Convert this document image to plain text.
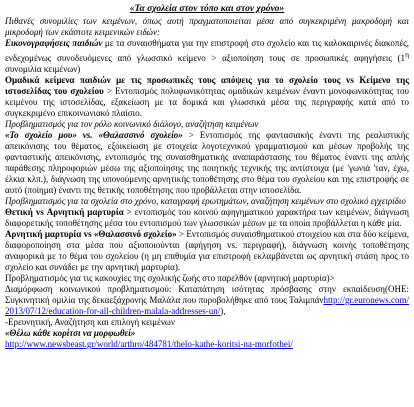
«Τα σχολεία στον τόπο και στον χρόνο»

Πιθανές συνομιλίες των κειμένων, όπως αυτή πραγματοποιείται μέσα από συγκεκριμένη μακροδομή και μικροδομή των εκάστοτε κειμενικών ειδών:

Εικονογραφήσεις παιδιών με τα συναισθήματα για την επιστροφή στο σχολείο και τις καλοκαιρινές διακοπές, ενδεχομένως συνοδευόμενες από γλωσσικό κείμενο > αξιοποίηση τους σε προσωπικές αφηγήσεις ($1^\eta$ συνομιλία κειμένων)

Ομαδικά κείμενα παιδιών με τις προσωπικές τους απόψεις για το σχολείο τους vs Κείμενο της ιστοσελίδας του σχολείου > Εντοπισμός πολυφωνικότητας ομαδικών κειμένων έναντι μονοφωνικότητας του κειμένου της ιστοσελίδας, εξακείωση με τα δομικά και γλωσσικά μέσα της περιγραφής κατά από το συγκεκριμένο επικοινωνιακό πλαίσιο.

Προβληματισμός για τον ρόλο κοινωνικό διάλογο, αναζήτηση κειμένων

«Το σχολείο μου» vs. «Θαλασσινό σχολείο» > Εντοπισμός της φαντασιακής έναντι της ρεαλιστικής απεικόνισης του θέματος, εξοικείωση με στοιχεία λογοτεχνικού γραμματισμού και μέσων προβολής της φανταστικής απεικόνισης, εντοπισμός της συναισθηματικής αναπαράστασης του θέματος έναντι της απλής παράθεσης πληροφοριών μέσω της αξιοποίησης της ποιητικής τεχνικής της αντίστοιχα (με 'γωνιά 'ταν, έχω, έλκια κλπ.), διάγνωση της υπονούμενης αρνητικής τοποθέτησης στο θέμα του σχολείου και της επιστροφής σε αυτό (ποίημα) έναντι της θετικής τοποθέτησης που προβάλλεται στην ιστοσελίδα.

Προβληματισμός για τα σχολεία στο χρόνο, καταγραφή ερωτημάτων, αναζήτηση κειμένων στο σχολικό εγχειρίδιο

Θετική vs Αρνητική μαρτυρία > εντοπισμός του κοινού αφηγηματικού χαρακτήρα των κειμένων, διάγνωση διαφορετικής τοποθέτησης μέσα του εντοπισμού των γλωσσικών μέσων με τα οποία προβάλλεται η κάθε μία.

Αρνητική μαρτυρία vs «Θαλασσινό σχολείο» > Εντοπισμός συναισθηματικού στοιχείου και στα δύο κείμενα, διαφοροποίηση στα μέσα που αξιοποιούνται (αφήγηση vs. περιγραφή), διάγνωση κοινής τοποθέτησης αναφορικά με το θέμα του σχολείου (η μη επιθυμία για επιστροφή εκλαμβάνεται ως αρνητική στάση προς το σχολείο και συνάδει με την αρνητική μαρτυρία).

Προβληματισμός για τις κακουχίες της σχολικής ζωής στο παρελθόν (αρνητική μαρτυρία)>

Διαμόρφωση κοινωνικού προβληματισμού: Καταπάτηση ισότητας πρόσβασης στην εκπαίδευση(ΟΗΕ: Συγκινητική ομιλία της δεκαεξάχρονης Μαλάλα που πυροβολήθηκε από τους Ταλιμπάνhttp://gr.euronews.com/2013/07/12/education-for-all-children-malala-addresses-un/),

-Ερευνητική, Αναζήτηση και επιλογή κειμένων

«Θέλω κάθε κορίτσι να μορφωθεί»

http://www.newsbeast.gr/world/arthro/484781/thelo-kathe-koritsi-na-morfothei/
